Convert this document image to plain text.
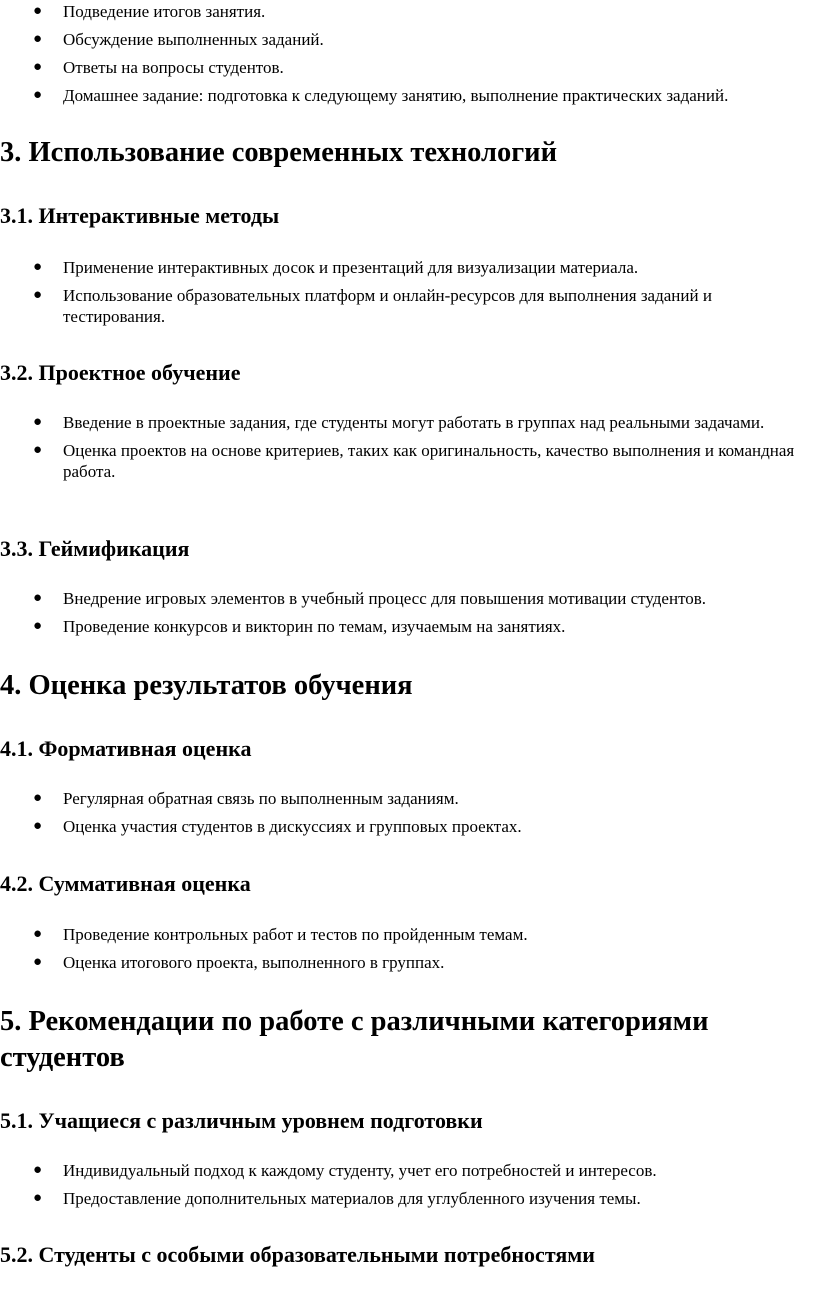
● Подведение итогов занятия.
● Обсуждение выполненных заданий.
● Ответы на вопросы студентов.
● Домашнее задание: подготовка к следующему занятию, выполнение практических заданий.
3. Использование современных технологий
3.1. Интерактивные методы
● Применение интерактивных досок и презентаций для визуализации материала.
● Использование образовательных платформ и онлайн-ресурсов для выполнения заданий и тестирования.
3.2. Проектное обучение
● Введение в проектные задания, где студенты могут работать в группах над реальными задачами.
● Оценка проектов на основе критериев, таких как оригинальность, качество выполнения и командная работа.
3.3. Геймификация
● Внедрение игровых элементов в учебный процесс для повышения мотивации студентов.
● Проведение конкурсов и викторин по темам, изучаемым на занятиях.
4. Оценка результатов обучения
4.1. Формативная оценка
● Регулярная обратная связь по выполненным заданиям.
● Оценка участия студентов в дискуссиях и групповых проектах.
4.2. Суммативная оценка
● Проведение контрольных работ и тестов по пройденным темам.
● Оценка итогового проекта, выполненного в группах.
5. Рекомендации по работе с различными категориями студентов
5.1. Учащиеся с различным уровнем подготовки
● Индивидуальный подход к каждому студенту, учет его потребностей и интересов.
● Предоставление дополнительных материалов для углубленного изучения темы.
5.2. Студенты с особыми образовательными потребностями
